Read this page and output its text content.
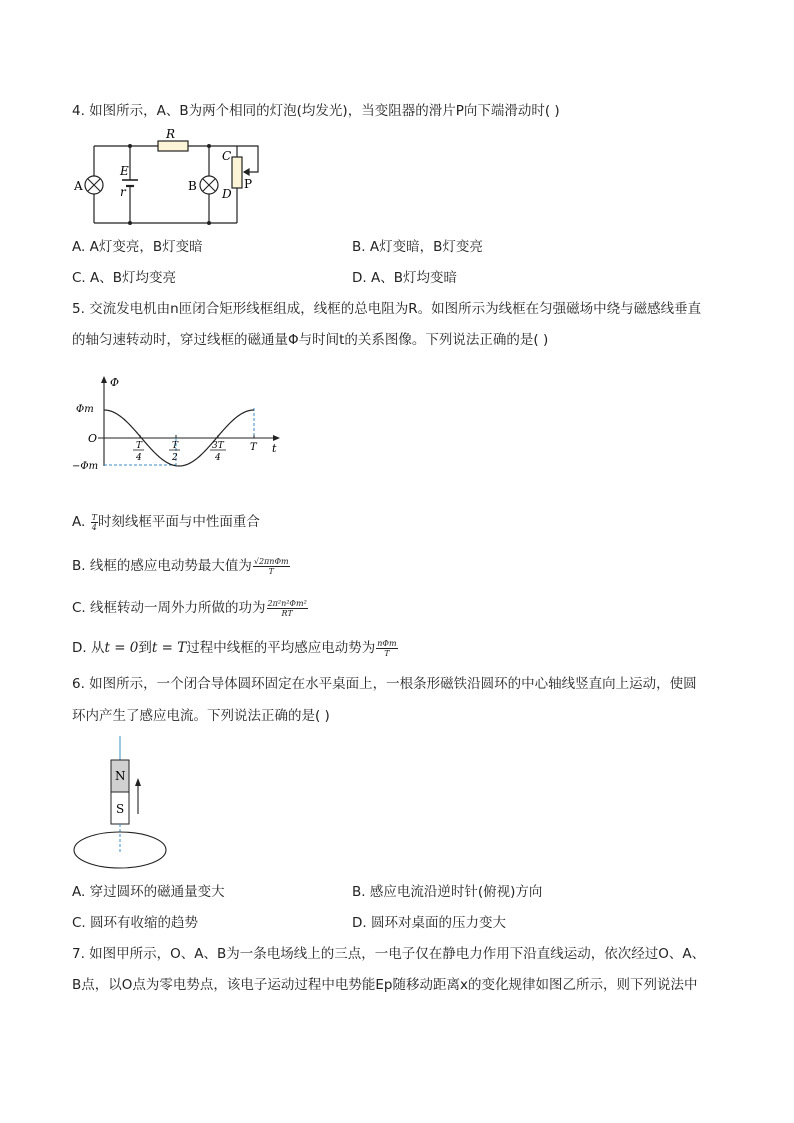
4. 如图所示，A、B为两个相同的灯泡(均发光)，当变阻器的滑片P向下端滑动时( )
R
E
r
A	B
C
D
P
A. A灯变亮，B灯变暗	B. A灯变暗，B灯变亮
C. A、B灯均变亮	D. A、B灯均变暗
5. 交流发电机由n匝闭合矩形线框组成，线框的总电阻为R。如图所示为线框在匀强磁场中绕与磁感线垂直
的轴匀速转动时，穿过线框的磁通量Φ与时间t的关系图像。下列说法正确的是( )
Φ
t
O
Φm
−Φm
T
4
T
2
3T
4
T
A. $\frac{T}{4}$ 时刻线框平面与中性面重合
B. 线框的感应电动势最大值为 $\frac{\text{√2πnΦm}}{T}$
C. 线框转动一周外力所做的功为 $\frac{\text{2π²n²Φm²}}{RT}$
D. 从t = 0到t = T过程中线框的平均感应电动势为 $\frac{\text{nΦm}}{T}$
6. 如图所示，一个闭合导体圆环固定在水平桌面上，一根条形磁铁沿圆环的中心轴线竖直向上运动，使圆
环内产生了感应电流。下列说法正确的是( )
N
S
A. 穿过圆环的磁通量变大	B. 感应电流沿逆时针(俯视)方向
C. 圆环有收缩的趋势	D. 圆环对桌面的压力变大
7. 如图甲所示，O、A、B为一条电场线上的三点，一电子仅在静电力作用下沿直线运动，依次经过O、A、
B点，以O点为零电势点，该电子运动过程中电势能Ep随移动距离x的变化规律如图乙所示，则下列说法中
